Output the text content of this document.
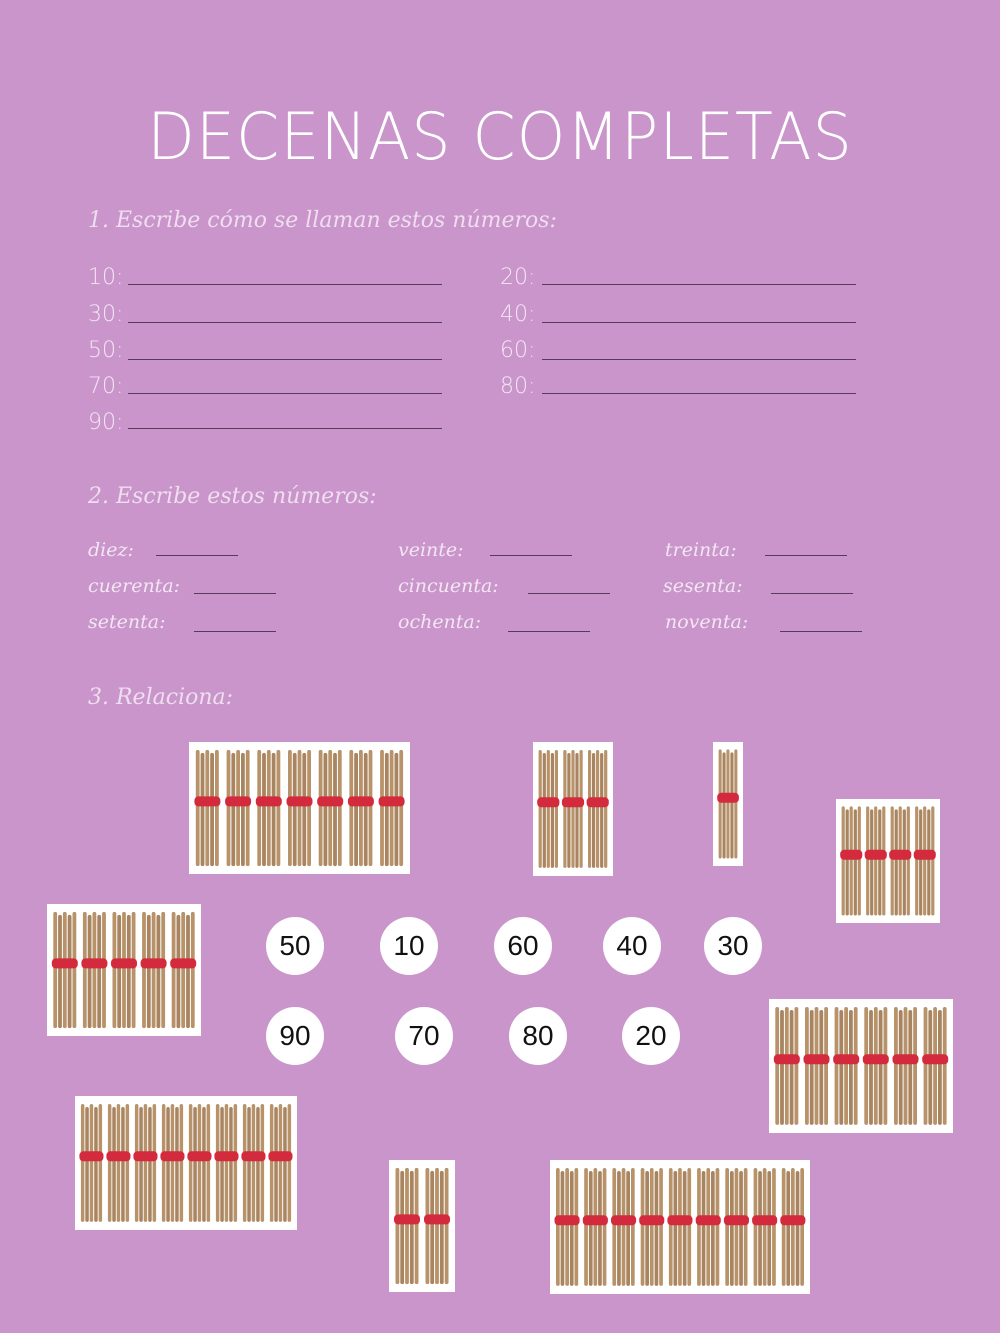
DECENAS COMPLETAS
1. Escribe cómo se llaman estos números:
10:	20:
30:	40:
50:	60:
70:	80:
90:
2. Escribe estos números:
diez:	veinte:	treinta:
cuerenta:	cincuenta:	sesenta:
setenta:	ochenta:	noventa:
3. Relaciona:
50	10	60	40	30
90	70	80	20
